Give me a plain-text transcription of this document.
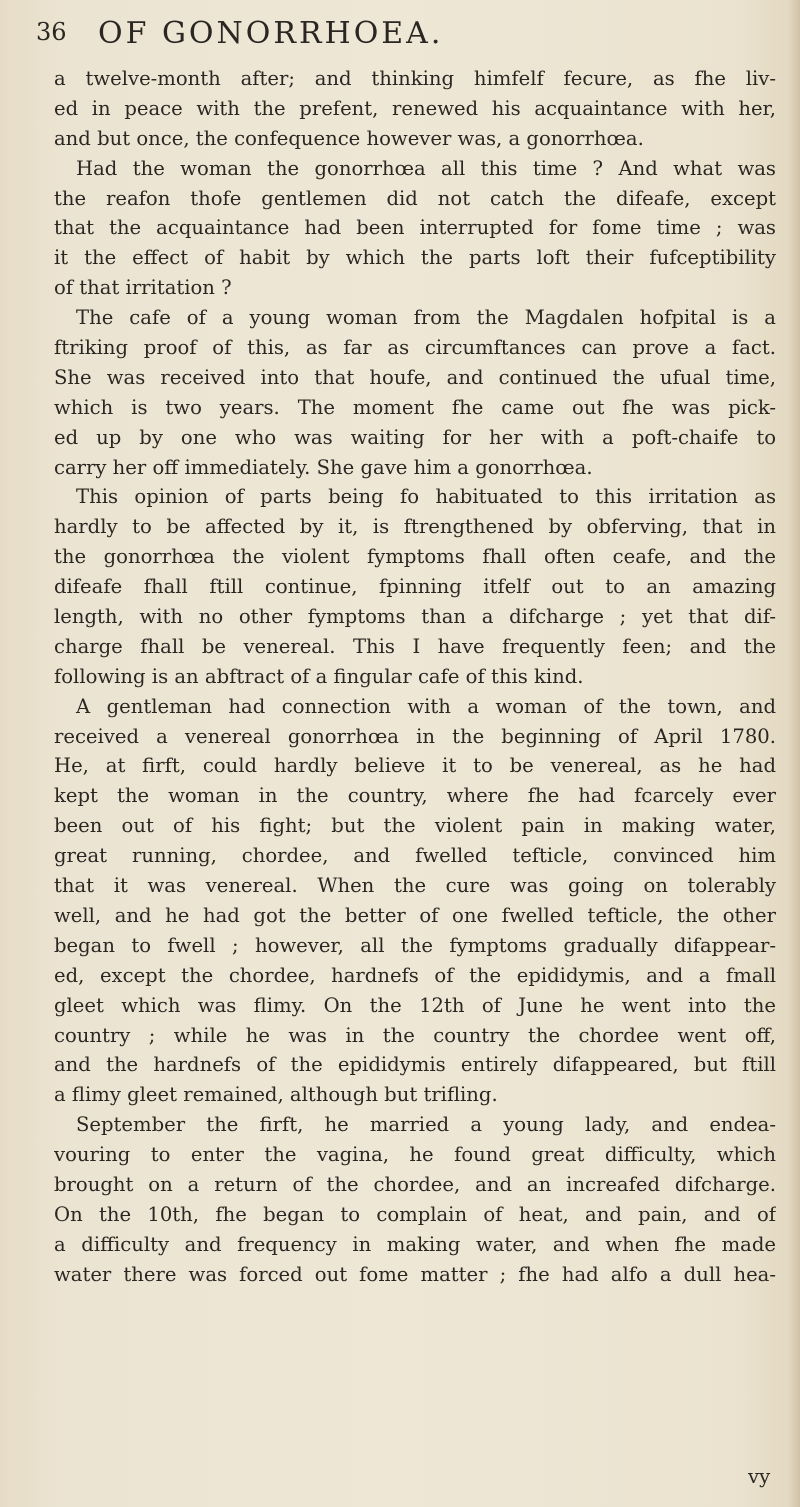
36 OF GONORRHOEA.
a twelve-month after; and thinking himfelf fecure, as fhe liv-
ed in peace with the prefent, renewed his acquaintance with her,
and but once, the confequence however was, a gonorrhœa.
Had the woman the gonorrhœa all this time ? And what was
the reafon thofe gentlemen did not catch the difeafe, except
that the acquaintance had been interrupted for fome time ; was
it the effect of habit by which the parts loft their fufceptibility
of that irritation ?
The cafe of a young woman from the Magdalen hofpital is a
ftriking proof of this, as far as circumftances can prove a fact.
She was received into that houfe, and continued the ufual time,
which is two years. The moment fhe came out fhe was pick-
ed up by one who was waiting for her with a poft-chaife to
carry her off immediately. She gave him a gonorrhœa.
This opinion of parts being fo habituated to this irritation as
hardly to be affected by it, is ftrengthened by obferving, that in
the gonorrhœa the violent fymptoms fhall often ceafe, and the
difeafe fhall ftill continue, fpinning itfelf out to an amazing
length, with no other fymptoms than a difcharge ; yet that dif-
charge fhall be venereal. This I have frequently feen; and the
following is an abftract of a fingular cafe of this kind.
A gentleman had connection with a woman of the town, and
received a venereal gonorrhœa in the beginning of April 1780.
He, at firft, could hardly believe it to be venereal, as he had
kept the woman in the country, where fhe had fcarcely ever
been out of his fight; but the violent pain in making water,
great running, chordee, and fwelled tefticle, convinced him
that it was venereal. When the cure was going on tolerably
well, and he had got the better of one fwelled tefticle, the other
began to fwell ; however, all the fymptoms gradually difappear-
ed, except the chordee, hardnefs of the epididymis, and a fmall
gleet which was flimy. On the 12th of June he went into the
country ; while he was in the country the chordee went off,
and the hardnefs of the epididymis entirely difappeared, but ftill
a flimy gleet remained, although but trifling.
September the firft, he married a young lady, and endea-
vouring to enter the vagina, he found great difficulty, which
brought on a return of the chordee, and an increafed difcharge.
On the 10th, fhe began to complain of heat, and pain, and of
a difficulty and frequency in making water, and when fhe made
water there was forced out fome matter ; fhe had alfo a dull hea-
vy
